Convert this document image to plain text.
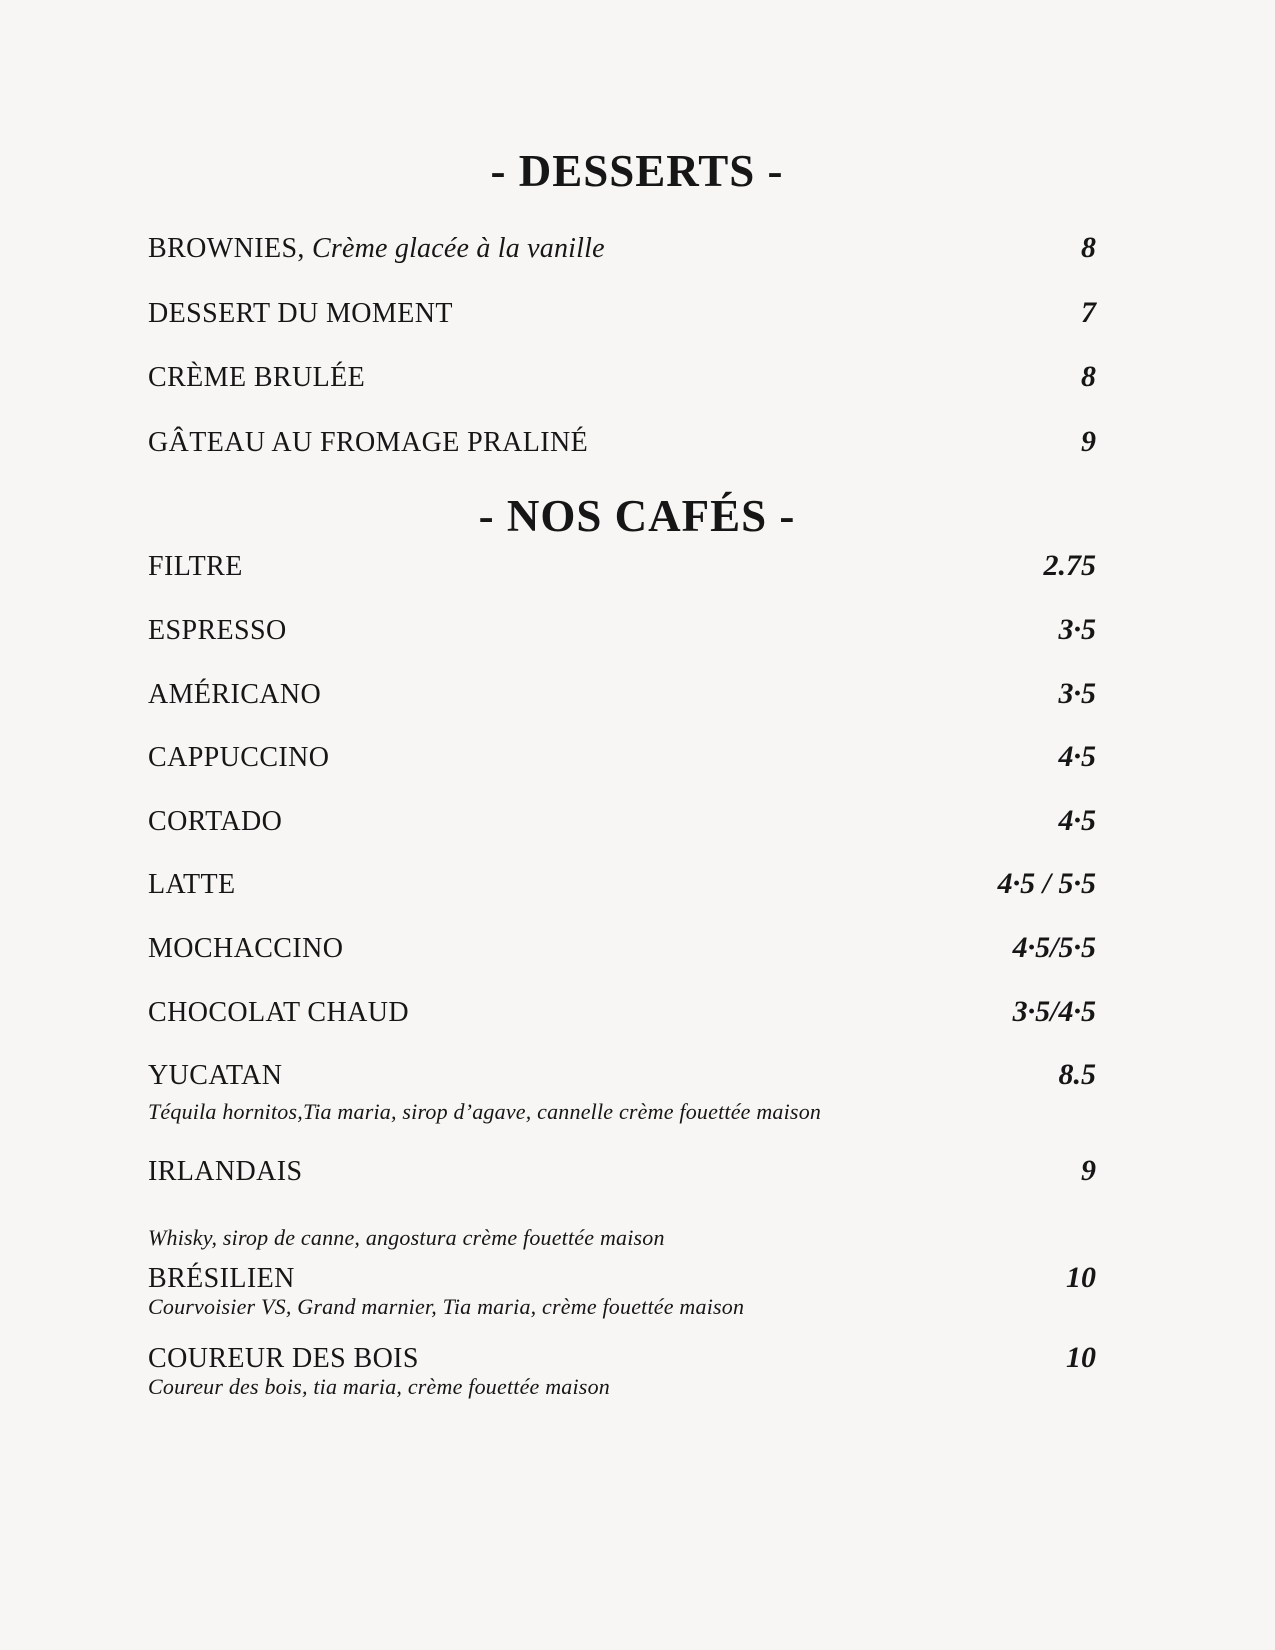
- DESSERTS -
BROWNIES, Crème glacée à la vanille	8
DESSERT DU MOMENT	7
CRÈME BRULÉE	8
GÂTEAU AU FROMAGE PRALINÉ	9
- NOS CAFÉS -
FILTRE	2.75
ESPRESSO	3·5
AMÉRICANO	3·5
CAPPUCCINO	4·5
CORTADO	4·5
LATTE	4·5 / 5·5
MOCHACCINO	4·5/5·5
CHOCOLAT CHAUD	3·5/4·5
YUCATAN	8.5
Téquila hornitos,Tia maria, sirop d’agave, cannelle crème fouettée maison
IRLANDAIS	9
Whisky, sirop de canne, angostura crème fouettée maison
BRÉSILIEN	10
Courvoisier VS, Grand marnier, Tia maria, crème fouettée maison
COUREUR DES BOIS	10
Coureur des bois, tia maria, crème fouettée maison
